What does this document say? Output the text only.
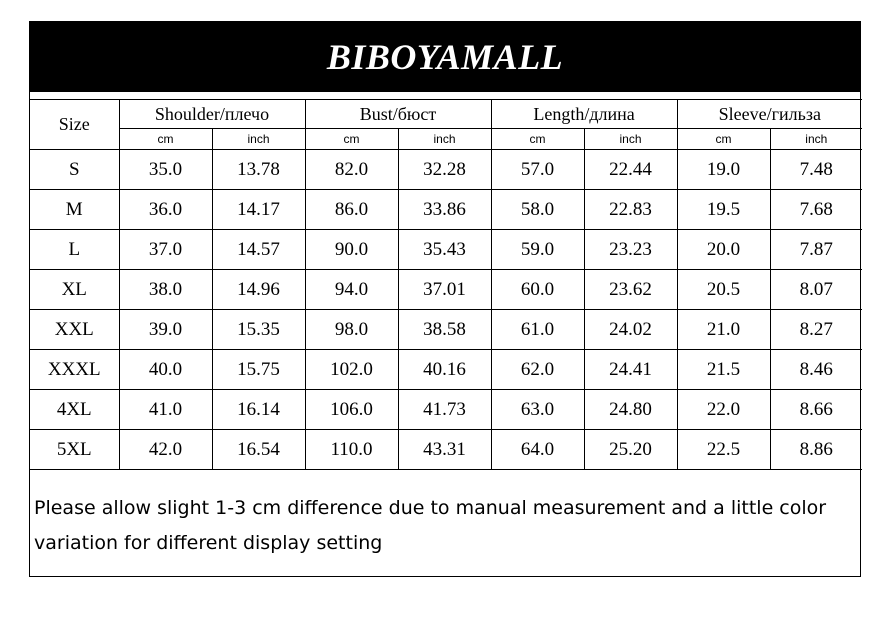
BIBOYAMALL
Size	Shoulder/плечо		Bust/бюст		Length/длина		Sleeve/гильза	
	cm	inch	cm	inch	cm	inch	cm	inch
S	35.0	13.78	82.0	32.28	57.0	22.44	19.0	7.48
M	36.0	14.17	86.0	33.86	58.0	22.83	19.5	7.68
L	37.0	14.57	90.0	35.43	59.0	23.23	20.0	7.87
XL	38.0	14.96	94.0	37.01	60.0	23.62	20.5	8.07
XXL	39.0	15.35	98.0	38.58	61.0	24.02	21.0	8.27
XXXL	40.0	15.75	102.0	40.16	62.0	24.41	21.5	8.46
4XL	41.0	16.14	106.0	41.73	63.0	24.80	22.0	8.66
5XL	42.0	16.54	110.0	43.31	64.0	25.20	22.5	8.86
Please allow slight 1-3 cm difference due to manual measurement and a little color variation for different display setting
